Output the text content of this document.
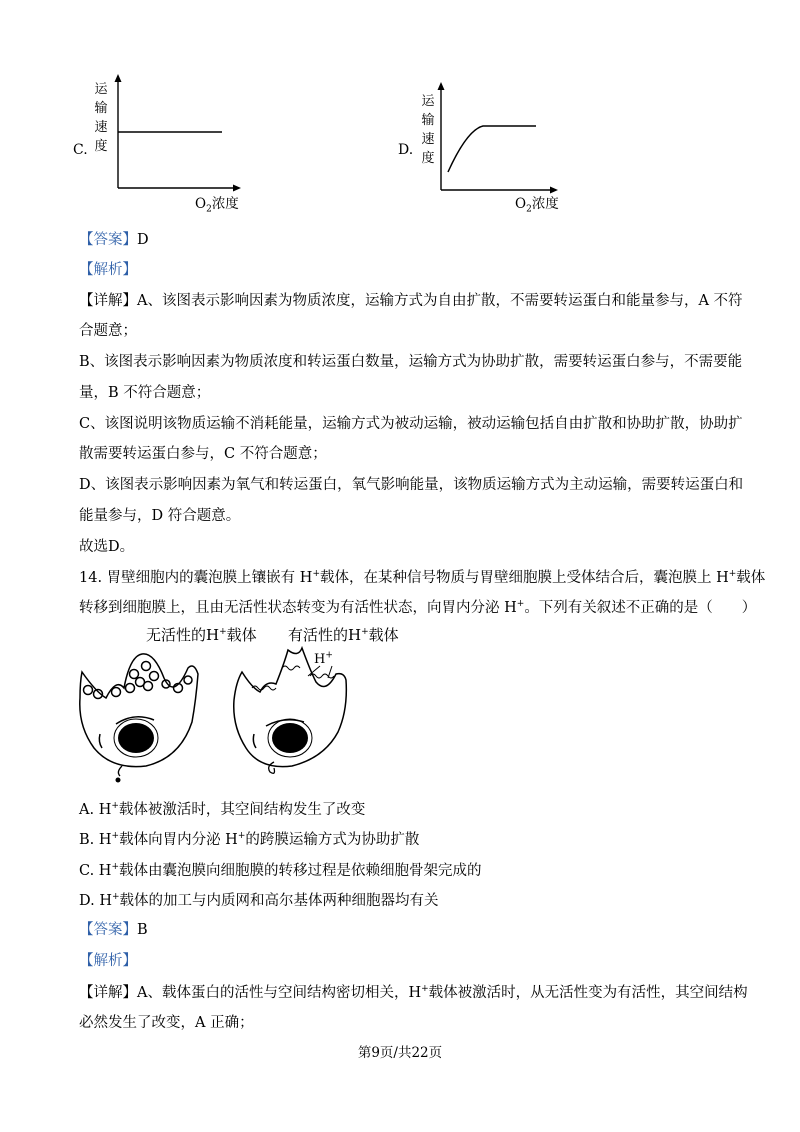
C.
运
输
速
度
$O_2$浓度
D.
运
输
速
度
$O_2$浓度
【答案】D
【解析】
【详解】A、该图表示影响因素为物质浓度，运输方式为自由扩散，不需要转运蛋白和能量参与，A 不符
合题意；
B、该图表示影响因素为物质浓度和转运蛋白数量，运输方式为协助扩散，需要转运蛋白参与，不需要能
量，B 不符合题意；
C、该图说明该物质运输不消耗能量，运输方式为被动运输，被动运输包括自由扩散和协助扩散，协助扩
散需要转运蛋白参与，C 不符合题意；
D、该图表示影响因素为氧气和转运蛋白，氧气影响能量，该物质运输方式为主动运输，需要转运蛋白和
能量参与，D 符合题意。
故选D。
14. 胃壁细胞内的囊泡膜上镶嵌有 H+载体，在某种信号物质与胃壁细胞膜上受体结合后，囊泡膜上 H+载体
转移到细胞膜上，且由无活性状态转变为有活性状态，向胃内分泌 H+。下列有关叙述不正确的是（　　）
无活性的H+载体 有活性的H+载体
H+
A. H+载体被激活时，其空间结构发生了改变
B. H+载体向胃内分泌 H+的跨膜运输方式为协助扩散
C. H+载体由囊泡膜向细胞膜的转移过程是依赖细胞骨架完成的
D. H+载体的加工与内质网和高尔基体两种细胞器均有关
【答案】B
【解析】
【详解】A、载体蛋白的活性与空间结构密切相关，H+载体被激活时，从无活性变为有活性，其空间结构
必然发生了改变，A 正确；
第9页/共22页
